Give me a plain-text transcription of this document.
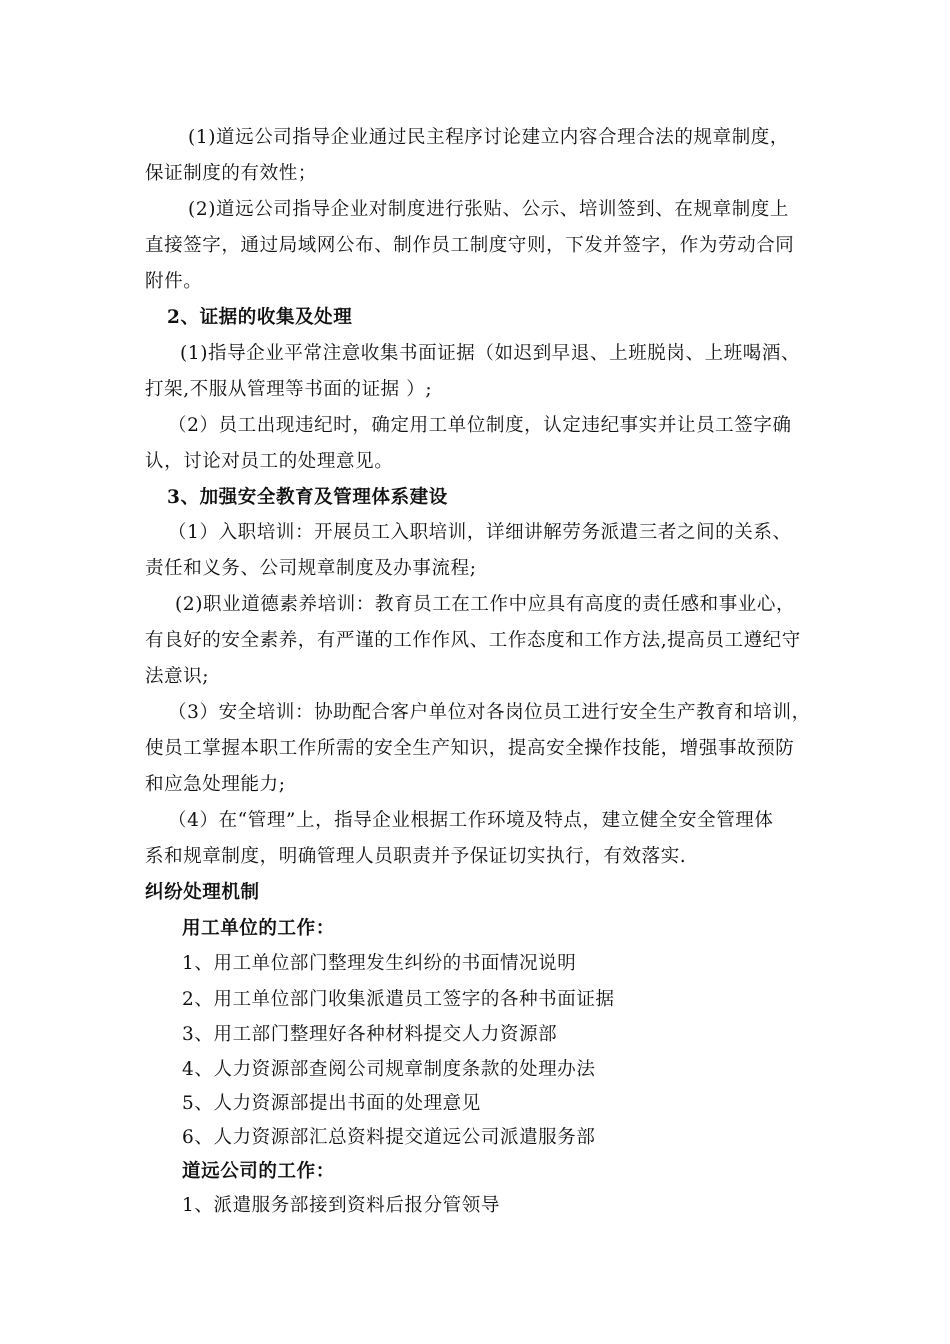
(1)道远公司指导企业通过民主程序讨论建立内容合理合法的规章制度，
保证制度的有效性；
(2)道远公司指导企业对制度进行张贴、公示、培训签到、在规章制度上
直接签字，通过局域网公布、制作员工制度守则，下发并签字，作为劳动合同
附件。
2、证据的收集及处理
(1)指导企业平常注意收集书面证据（如迟到早退、上班脱岗、上班喝酒、
打架,不服从管理等书面的证据 ）;
（2）员工出现违纪时，确定用工单位制度，认定违纪事实并让员工签字确
认，讨论对员工的处理意见。
3、加强安全教育及管理体系建设
（1）入职培训：开展员工入职培训，详细讲解劳务派遣三者之间的关系、
责任和义务、公司规章制度及办事流程;
(2)职业道德素养培训：教育员工在工作中应具有高度的责任感和事业心，
有良好的安全素养，有严谨的工作作风、工作态度和工作方法,提高员工遵纪守
法意识;
（3）安全培训：协助配合客户单位对各岗位员工进行安全生产教育和培训，
使员工掌握本职工作所需的安全生产知识，提高安全操作技能，增强事故预防
和应急处理能力;
（4）在“管理”上，指导企业根据工作环境及特点，建立健全安全管理体
系和规章制度，明确管理人员职责并予保证切实执行，有效落实.
纠纷处理机制
用工单位的工作：
1、用工单位部门整理发生纠纷的书面情况说明
2、用工单位部门收集派遣员工签字的各种书面证据
3、用工部门整理好各种材料提交人力资源部
4、人力资源部查阅公司规章制度条款的处理办法
5、人力资源部提出书面的处理意见
6、人力资源部汇总资料提交道远公司派遣服务部
道远公司的工作：
1、派遣服务部接到资料后报分管领导
